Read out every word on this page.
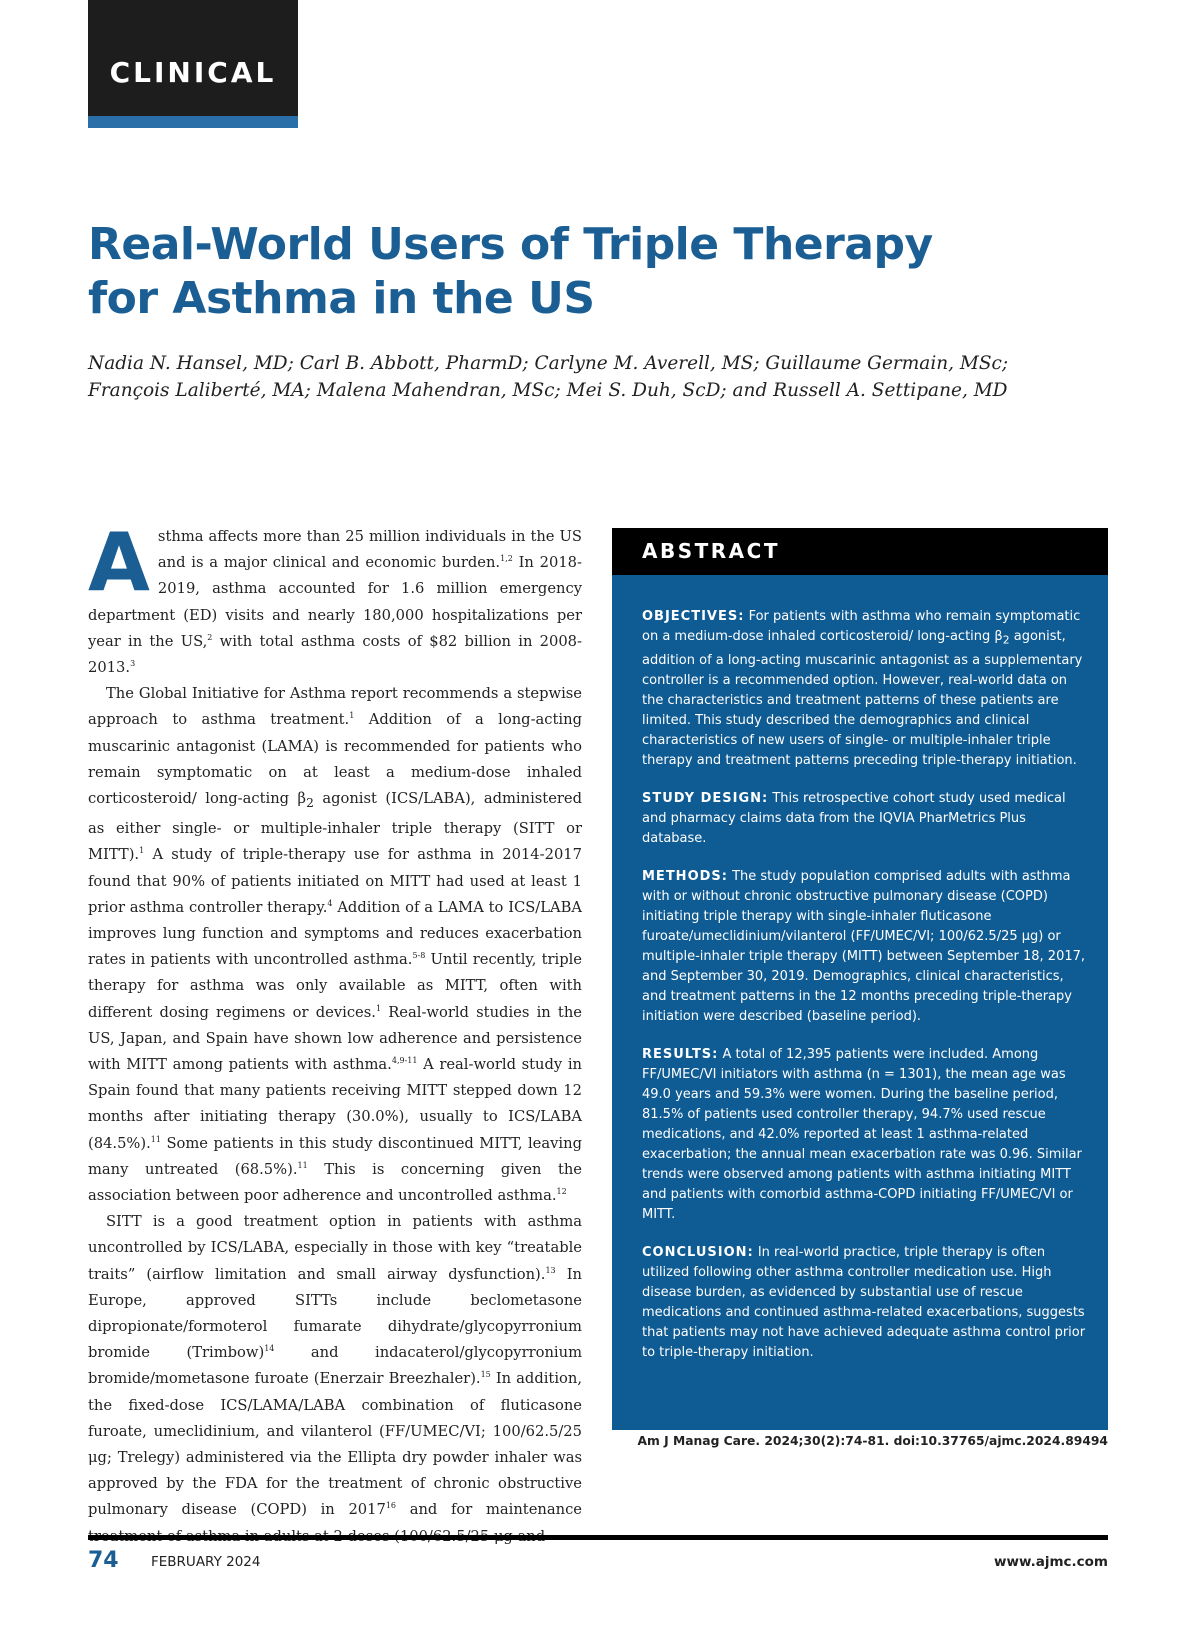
CLINICAL
Real-World Users of Triple Therapy
for Asthma in the US

Nadia N. Hansel, MD; Carl B. Abbott, PharmD; Carlyne M. Averell, MS; Guillaume Germain, MSc;
François Laliberté, MA; Malena Mahendran, MSc; Mei S. Duh, ScD; and Russell A. Settipane, MD

Asthma affects more than 25 million individuals in the US and is a major clinical and economic burden.$^{1,2}$ In 2018-2019, asthma accounted for 1.6 million emergency department (ED) visits and nearly 180,000 hospitalizations per year in the US,$^2$ with total asthma costs of $82 billion in 2008-2013.$^3$

The Global Initiative for Asthma report recommends a stepwise approach to asthma treatment.$^1$ Addition of a long-acting muscarinic antagonist (LAMA) is recommended for patients who remain symptomatic on at least a medium-dose inhaled corticosteroid/ long-acting $\beta_2$ agonist (ICS/LABA), administered as either single- or multiple-inhaler triple therapy (SITT or MITT).$^1$ A study of triple-therapy use for asthma in 2014-2017 found that 90% of patients initiated on MITT had used at least 1 prior asthma controller therapy.$^4$ Addition of a LAMA to ICS/LABA improves lung function and symptoms and reduces exacerbation rates in patients with uncontrolled asthma.$^{5-8}$ Until recently, triple therapy for asthma was only available as MITT, often with different dosing regimens or devices.$^1$ Real-world studies in the US, Japan, and Spain have shown low adherence and persistence with MITT among patients with asthma.$^{4,9-11}$ A real-world study in Spain found that many patients receiving MITT stepped down 12 months after initiating therapy (30.0%), usually to ICS/LABA (84.5%).$^{11}$ Some patients in this study discontinued MITT, leaving many untreated (68.5%).$^{11}$ This is concerning given the association between poor adherence and uncontrolled asthma.$^{12}$

SITT is a good treatment option in patients with asthma uncontrolled by ICS/LABA, especially in those with key “treatable traits” (airflow limitation and small airway dysfunction).$^{13}$ In Europe, approved SITTs include beclometasone dipropionate/formoterol fumarate dihydrate/glycopyrronium bromide (Trimbow)$^{14}$ and indacaterol/glycopyrronium bromide/mometasone furoate (Enerzair Breezhaler).$^{15}$ In addition, the fixed-dose ICS/LAMA/LABA combination of fluticasone furoate, umeclidinium, and vilanterol (FF/UMEC/VI; 100/62.5/25 μg; Trelegy) administered via the Ellipta dry powder inhaler was approved by the FDA for the treatment of chronic obstructive pulmonary disease (COPD) in 2017$^{16}$ and for maintenance

ABSTRACT

OBJECTIVES: For patients with asthma who remain symptomatic on a medium-dose inhaled corticosteroid/ long-acting $\beta_2$ agonist, addition of a long-acting muscarinic antagonist as a supplementary controller is a recommended option. However, real-world data on the characteristics and treatment patterns of these patients are limited. This study described the demographics and clinical characteristics of new users of single- or multiple-inhaler triple therapy and treatment patterns preceding triple-therapy initiation.

STUDY DESIGN: This retrospective cohort study used medical and pharmacy claims data from the IQVIA PharMetrics Plus database.

METHODS: The study population comprised adults with asthma with or without chronic obstructive pulmonary disease (COPD) initiating triple therapy with single-inhaler fluticasone furoate/umeclidinium/vilanterol (FF/UMEC/VI; 100/62.5/25 μg) or multiple-inhaler triple therapy (MITT) between September 18, 2017, and September 30, 2019. Demographics, clinical characteristics, and treatment patterns in the 12 months preceding triple-therapy initiation were described (baseline period).

RESULTS: A total of 12,395 patients were included. Among FF/UMEC/VI initiators with asthma (n = 1301), the mean age was 49.0 years and 59.3% were women. During the baseline period, 81.5% of patients used controller therapy, 94.7% used rescue medications, and 42.0% reported at least 1 asthma-related exacerbation; the annual mean exacerbation rate was 0.96. Similar trends were observed among patients with asthma initiating MITT and patients with comorbid asthma-COPD initiating FF/UMEC/VI or MITT.

CONCLUSION: In real-world practice, triple therapy is often utilized following other asthma controller medication use. High disease burden, as evidenced by substantial use of rescue medications and continued asthma-related exacerbations, suggests that patients may not have achieved adequate asthma control prior to triple-therapy initiation.

Am J Manag Care. 2024;30(2):74-81. doi:10.37765/ajmc.2024.89494
74 FEBRUARY 2024	www.ajmc.com
